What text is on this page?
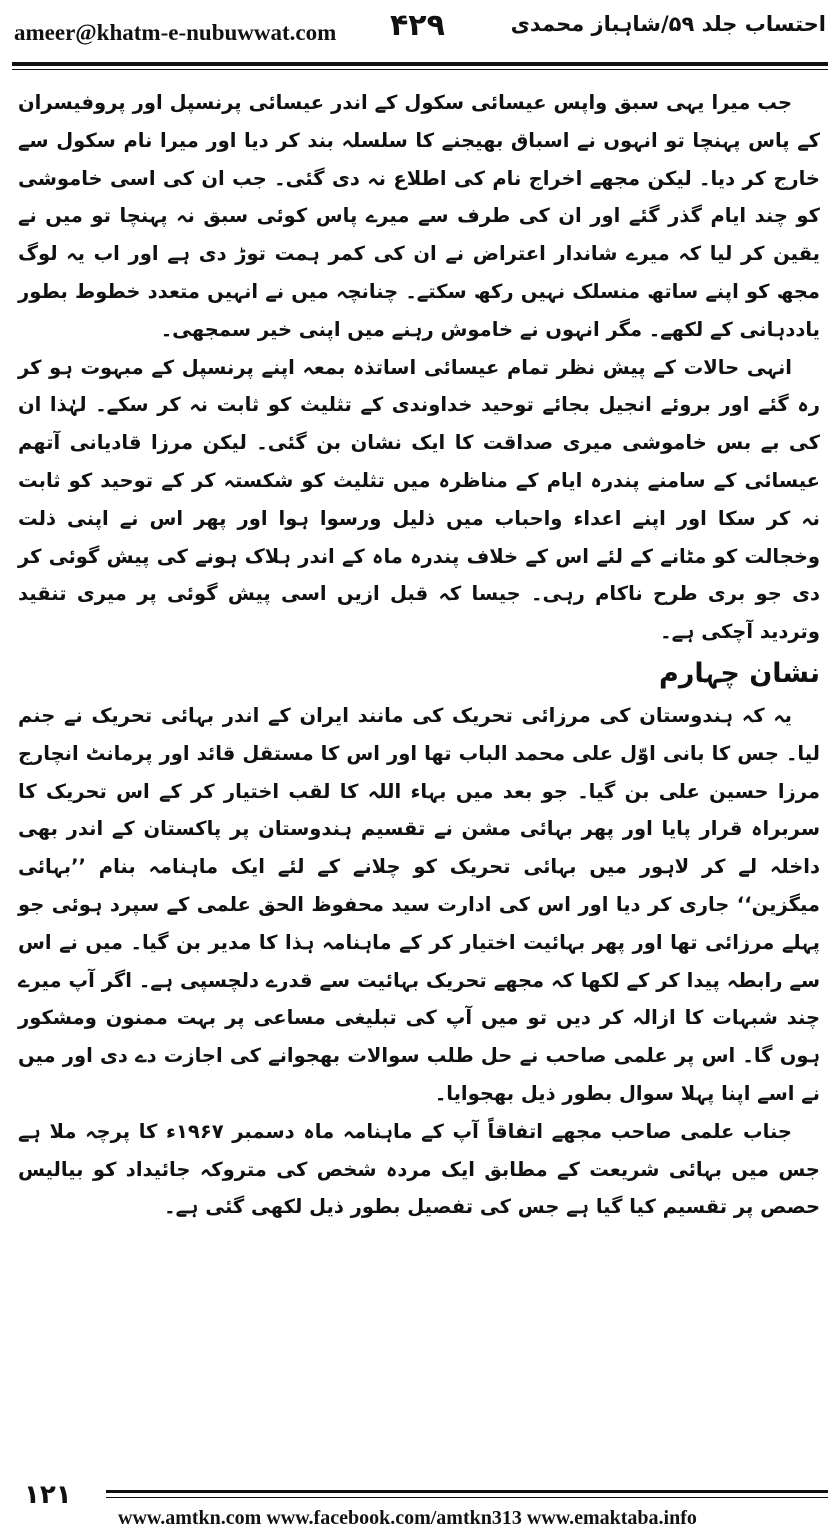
ameer@khatm-e-nubuwwat.com ۴۲۹	احتساب جلد ۵۹/شاہباز محمدی

جب میرا یہی سبق واپس عیسائی سکول کے اندر عیسائی پرنسپل اور پروفیسران کے پاس پہنچا تو انہوں نے اسباق بھیجنے کا سلسلہ بند کر دیا اور میرا نام سکول سے خارج کر دیا۔ لیکن مجھے اخراج نام کی اطلاع نہ دی گئی۔ جب ان کی اسی خاموشی کو چند ایام گذر گئے اور ان کی طرف سے میرے پاس کوئی سبق نہ پہنچا تو میں نے یقین کر لیا کہ میرے شاندار اعتراض نے ان کی کمر ہمت توڑ دی ہے اور اب یہ لوگ مجھ کو اپنے ساتھ منسلک نہیں رکھ سکتے۔ چنانچہ میں نے انہیں متعدد خطوط بطور یاددہانی کے لکھے۔ مگر انہوں نے خاموش رہنے میں اپنی خیر سمجھی۔

انہی حالات کے پیش نظر تمام عیسائی اساتذہ بمعہ اپنے پرنسپل کے مبہوت ہو کر رہ گئے اور بروئے انجیل بجائے توحید خداوندی کے تثلیث کو ثابت نہ کر سکے۔ لہٰذا ان کی بے بس خاموشی میری صداقت کا ایک نشان بن گئی۔ لیکن مرزا قادیانی آتھم عیسائی کے سامنے پندرہ ایام کے مناظرہ میں تثلیث کو شکستہ کر کے توحید کو ثابت نہ کر سکا اور اپنے اعداء واحباب میں ذلیل ورسوا ہوا اور پھر اس نے اپنی ذلت وخجالت کو مٹانے کے لئے اس کے خلاف پندرہ ماہ کے اندر ہلاک ہونے کی پیش گوئی کر دی جو بری طرح ناکام رہی۔ جیسا کہ قبل ازیں اسی پیش گوئی پر میری تنقید وتردید آچکی ہے۔

نشان چہارم

یہ کہ ہندوستان کی مرزائی تحریک کی مانند ایران کے اندر بہائی تحریک نے جنم لیا۔ جس کا بانی اوّل علی محمد الباب تھا اور اس کا مستقل قائد اور پرمانٹ انچارج مرزا حسین علی بن گیا۔ جو بعد میں بہاء اللہ کا لقب اختیار کر کے اس تحریک کا سربراہ قرار پایا اور پھر بہائی مشن نے تقسیم ہندوستان پر پاکستان کے اندر بھی داخلہ لے کر لاہور میں بہائی تحریک کو چلانے کے لئے ایک ماہنامہ بنام ’’بہائی میگزین‘‘ جاری کر دیا اور اس کی ادارت سید محفوظ الحق علمی کے سپرد ہوئی جو پہلے مرزائی تھا اور پھر بہائیت اختیار کر کے ماہنامہ ہذا کا مدیر بن گیا۔ میں نے اس سے رابطہ پیدا کر کے لکھا کہ مجھے تحریک بہائیت سے قدرے دلچسپی ہے۔ اگر آپ میرے چند شبہات کا ازالہ کر دیں تو میں آپ کی تبلیغی مساعی پر بہت ممنون ومشکور ہوں گا۔ اس پر علمی صاحب نے حل طلب سوالات بھجوانے کی اجازت دے دی اور میں نے اسے اپنا پہلا سوال بطور ذیل بھجوایا۔

جناب علمی صاحب مجھے اتفاقاً آپ کے ماہنامہ ماہ دسمبر ۱۹۶۷ء کا پرچہ ملا ہے جس میں بہائی شریعت کے مطابق ایک مردہ شخص کی متروکہ جائیداد کو بیالیس حصص پر تقسیم کیا گیا ہے جس کی تفصیل بطور ذیل لکھی گئی ہے۔

۱۲۱
www.amtkn.com www.facebook.com/amtkn313 www.emaktaba.info
